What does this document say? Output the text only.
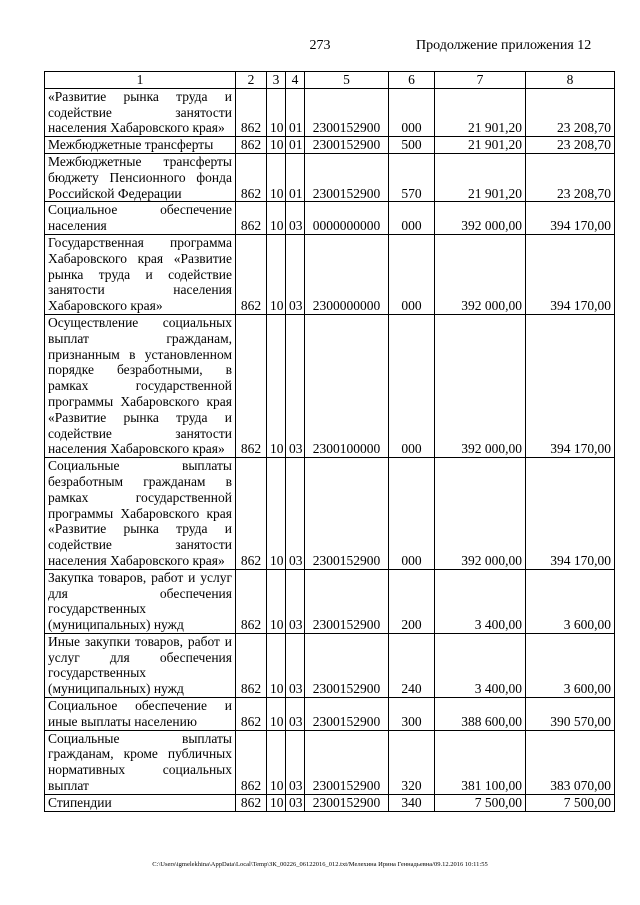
273	Продолжение приложения 12
1	2	3	4	5	6	7	8
«Развитие рынка труда и содействие занятости населения Хабаровского края»	862	10	01	2300152900	000	21 901,20	23 208,70
Межбюджетные трансферты	862	10	01	2300152900	500	21 901,20	23 208,70
Межбюджетные трансферты бюджету Пенсионного фонда Российской Федерации	862	10	01	2300152900	570	21 901,20	23 208,70
Социальное обеспечение населения	862	10	03	0000000000	000	392 000,00	394 170,00
Государственная программа Хабаровского края «Развитие рынка труда и содействие занятости населения Хабаровского края»	862	10	03	2300000000	000	392 000,00	394 170,00
Осуществление социальных выплат гражданам, признанным в установленном порядке безработными, в рамках государственной программы Хабаровского края «Развитие рынка труда и содействие занятости населения Хабаровского края»	862	10	03	2300100000	000	392 000,00	394 170,00
Социальные выплаты безработным гражданам в рамках государственной программы Хабаровского края «Развитие рынка труда и содействие занятости населения Хабаровского края»	862	10	03	2300152900	000	392 000,00	394 170,00
Закупка товаров, работ и услуг для обеспечения государственных (муниципальных) нужд	862	10	03	2300152900	200	3 400,00	3 600,00
Иные закупки товаров, работ и услуг для обеспечения государственных (муниципальных) нужд	862	10	03	2300152900	240	3 400,00	3 600,00
Социальное обеспечение и иные выплаты населению	862	10	03	2300152900	300	388 600,00	390 570,00
Социальные выплаты гражданам, кроме публичных нормативных социальных выплат	862	10	03	2300152900	320	381 100,00	383 070,00
Стипендии	862	10	03	2300152900	340	7 500,00	7 500,00
C:\Users\igmelekhina\AppData\Local\Temp\ЗК_00226_06122016_012.txt/Мелехина Ирина Геннадьевна/09.12.2016 10:11:55
